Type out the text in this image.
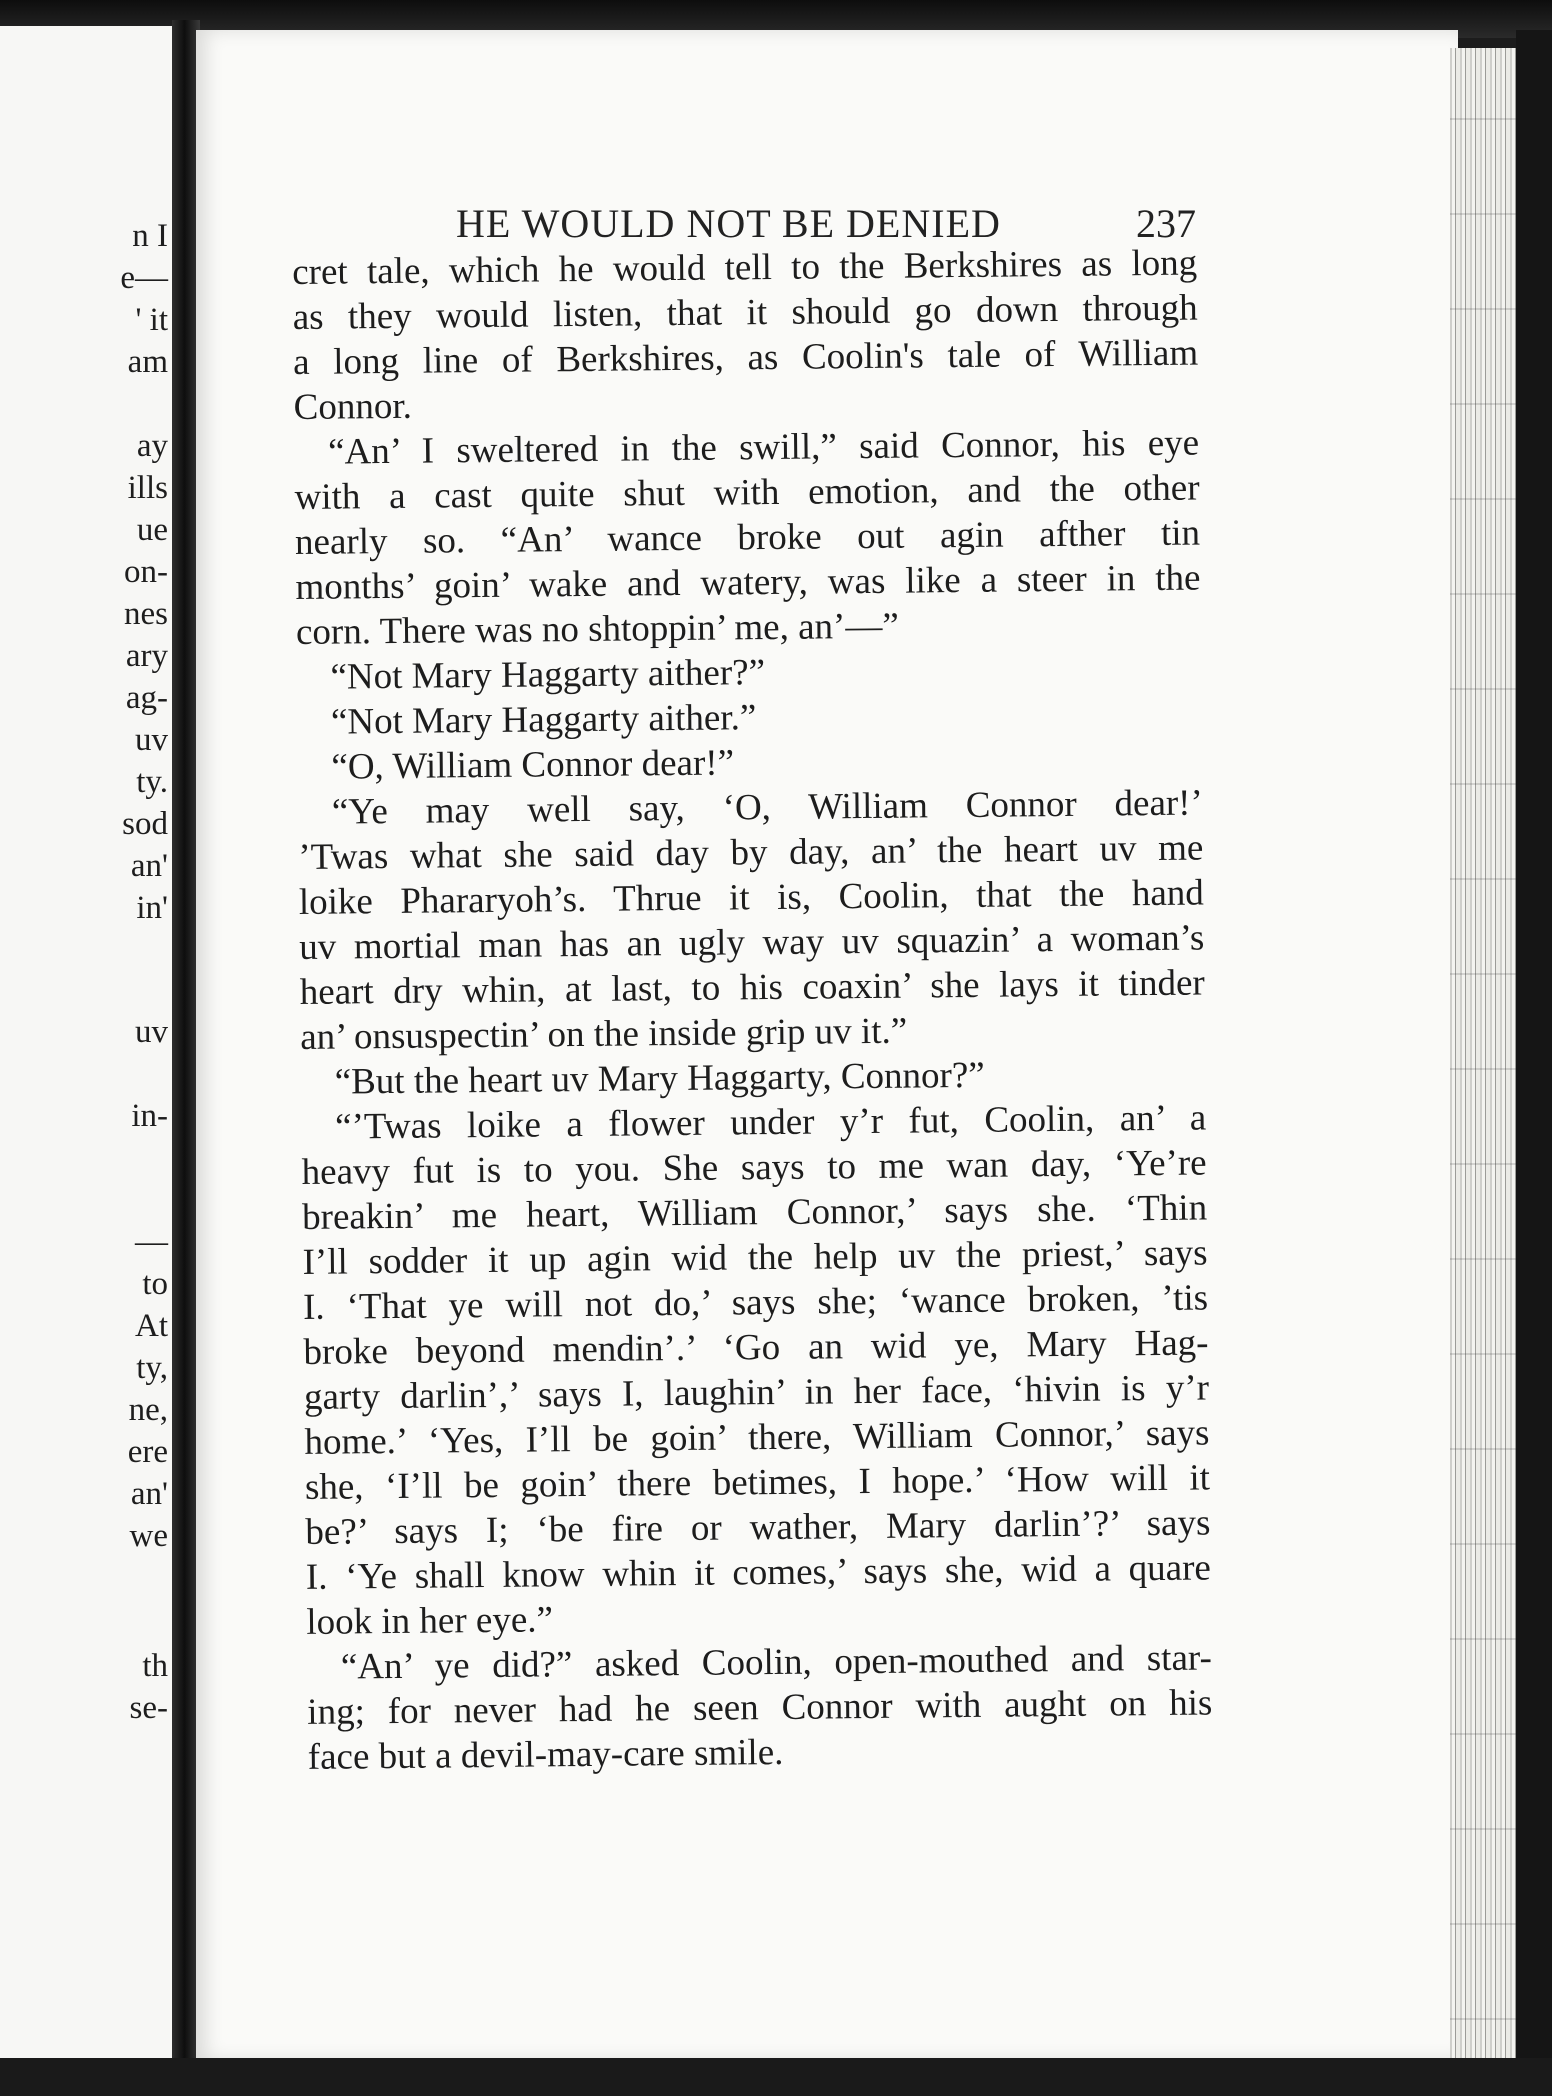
n I
e—
' it
am
ay
ills
ue
on-
nes
ary
ag-
uv
ty.
sod
an'
in'
uv
in-
—
to
At
ty,
ne,
ere
an'
we
th
se-
HE WOULD NOT BE DENIED	237
cret tale, which he would tell to the Berkshires as long
as they would listen, that it should go down through
a long line of Berkshires, as Coolin's tale of William
Connor.
“An’ I sweltered in the swill,” said Connor, his eye
with a cast quite shut with emotion, and the other
nearly so. “An’ wance broke out agin afther tin
months’ goin’ wake and watery, was like a steer in the
corn. There was no shtoppin’ me, an’—”
“Not Mary Haggarty aither?”
“Not Mary Haggarty aither.”
“O, William Connor dear!”
“Ye may well say, ‘O, William Connor dear!’
’Twas what she said day by day, an’ the heart uv me
loike Phararyoh’s. Thrue it is, Coolin, that the hand
uv mortial man has an ugly way uv squazin’ a woman’s
heart dry whin, at last, to his coaxin’ she lays it tinder
an’ onsuspectin’ on the inside grip uv it.”
“But the heart uv Mary Haggarty, Connor?”
“’Twas loike a flower under y’r fut, Coolin, an’ a
heavy fut is to you. She says to me wan day, ‘Ye’re
breakin’ me heart, William Connor,’ says she. ‘Thin
I’ll sodder it up agin wid the help uv the priest,’ says
I. ‘That ye will not do,’ says she; ‘wance broken, ’tis
broke beyond mendin’.’ ‘Go an wid ye, Mary Hag-
garty darlin’,’ says I, laughin’ in her face, ‘hivin is y’r
home.’ ‘Yes, I’ll be goin’ there, William Connor,’ says
she, ‘I’ll be goin’ there betimes, I hope.’ ‘How will it
be?’ says I; ‘be fire or wather, Mary darlin’?’ says
I. ‘Ye shall know whin it comes,’ says she, wid a quare
look in her eye.”
“An’ ye did?” asked Coolin, open-mouthed and star-
ing; for never had he seen Connor with aught on his
face but a devil-may-care smile.
